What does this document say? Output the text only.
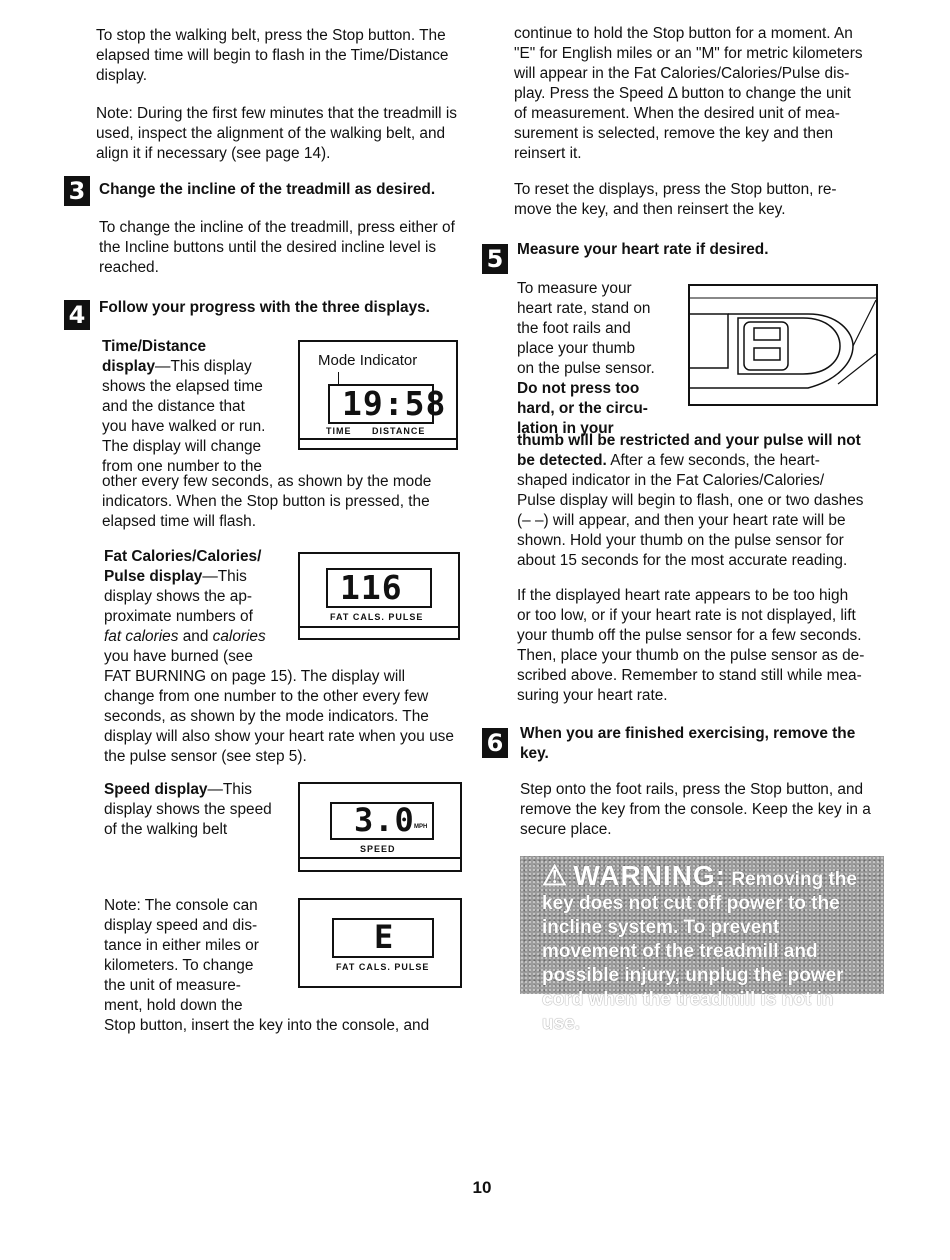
To stop the walking belt, press the Stop button. The elapsed time will begin to flash in the Time/Distance display.

Note: During the first few minutes that the treadmill is used, inspect the alignment of the walking belt, and align it if necessary (see page 14).

3 Change the incline of the treadmill as desired.

To change the incline of the treadmill, press either of the Incline buttons until the desired incline level is reached.

4 Follow your progress with the three displays.

Time/Distance

display—This display

shows the elapsed time

and the distance that

you have walked or run.

The display will change

from one number to the

other every few seconds, as shown by the mode indicators. When the Stop button is pressed, the elapsed time will flash.

Mode Indicator
19:58
TIME DISTANCE

Fat Calories/Calories/

Pulse display—This

display shows the ap-

proximate numbers of

fat calories and calories

you have burned (see

FAT BURNING on page 15). The display will change from one number to the other every few seconds, as shown by the mode indicators. The display will also show your heart rate when you use the pulse sensor (see step 5).

116
FAT CALS. PULSE

Speed display—This

display shows the speed

of the walking belt	3.0 MPH
SPEED

Note: The console can

display speed and dis-

tance in either miles or

kilometers. To change

the unit of measure-

ment, hold down the

Stop button, insert the key into the console, and

E
FAT CALS. PULSE

continue to hold the Stop button for a moment. An

"E" for English miles or an "M" for metric kilometers

will appear in the Fat Calories/Calories/Pulse dis-

play. Press the Speed Δ button to change the unit

of measurement. When the desired unit of mea-

surement is selected, remove the key and then

reinsert it.

To reset the displays, press the Stop button, re-

move the key, and then reinsert the key.

5 Measure your heart rate if desired.

To measure your

heart rate, stand on

the foot rails and

place your thumb

on the pulse sensor.

Do not press too

hard, or the circu-

lation in your

thumb will be restricted and your pulse will not

be detected. After a few seconds, the heart-

shaped indicator in the Fat Calories/Calories/

Pulse display will begin to flash, one or two dashes

(– –) will appear, and then your heart rate will be

shown. Hold your thumb on the pulse sensor for

about 15 seconds for the most accurate reading.

If the displayed heart rate appears to be too high

or too low, or if your heart rate is not displayed, lift

your thumb off the pulse sensor for a few seconds.

Then, place your thumb on the pulse sensor as de-

scribed above. Remember to stand still while mea-

suring your heart rate.

6	When you are finished exercising, remove the

key.

Step onto the foot rails, press the Stop button, and

remove the key from the console. Keep the key in a

secure place.

⚠ WARNING: Removing the key does not cut off power to the incline system. To prevent movement of the treadmill and possible injury, unplug the power cord when the treadmill is not in use.
10
